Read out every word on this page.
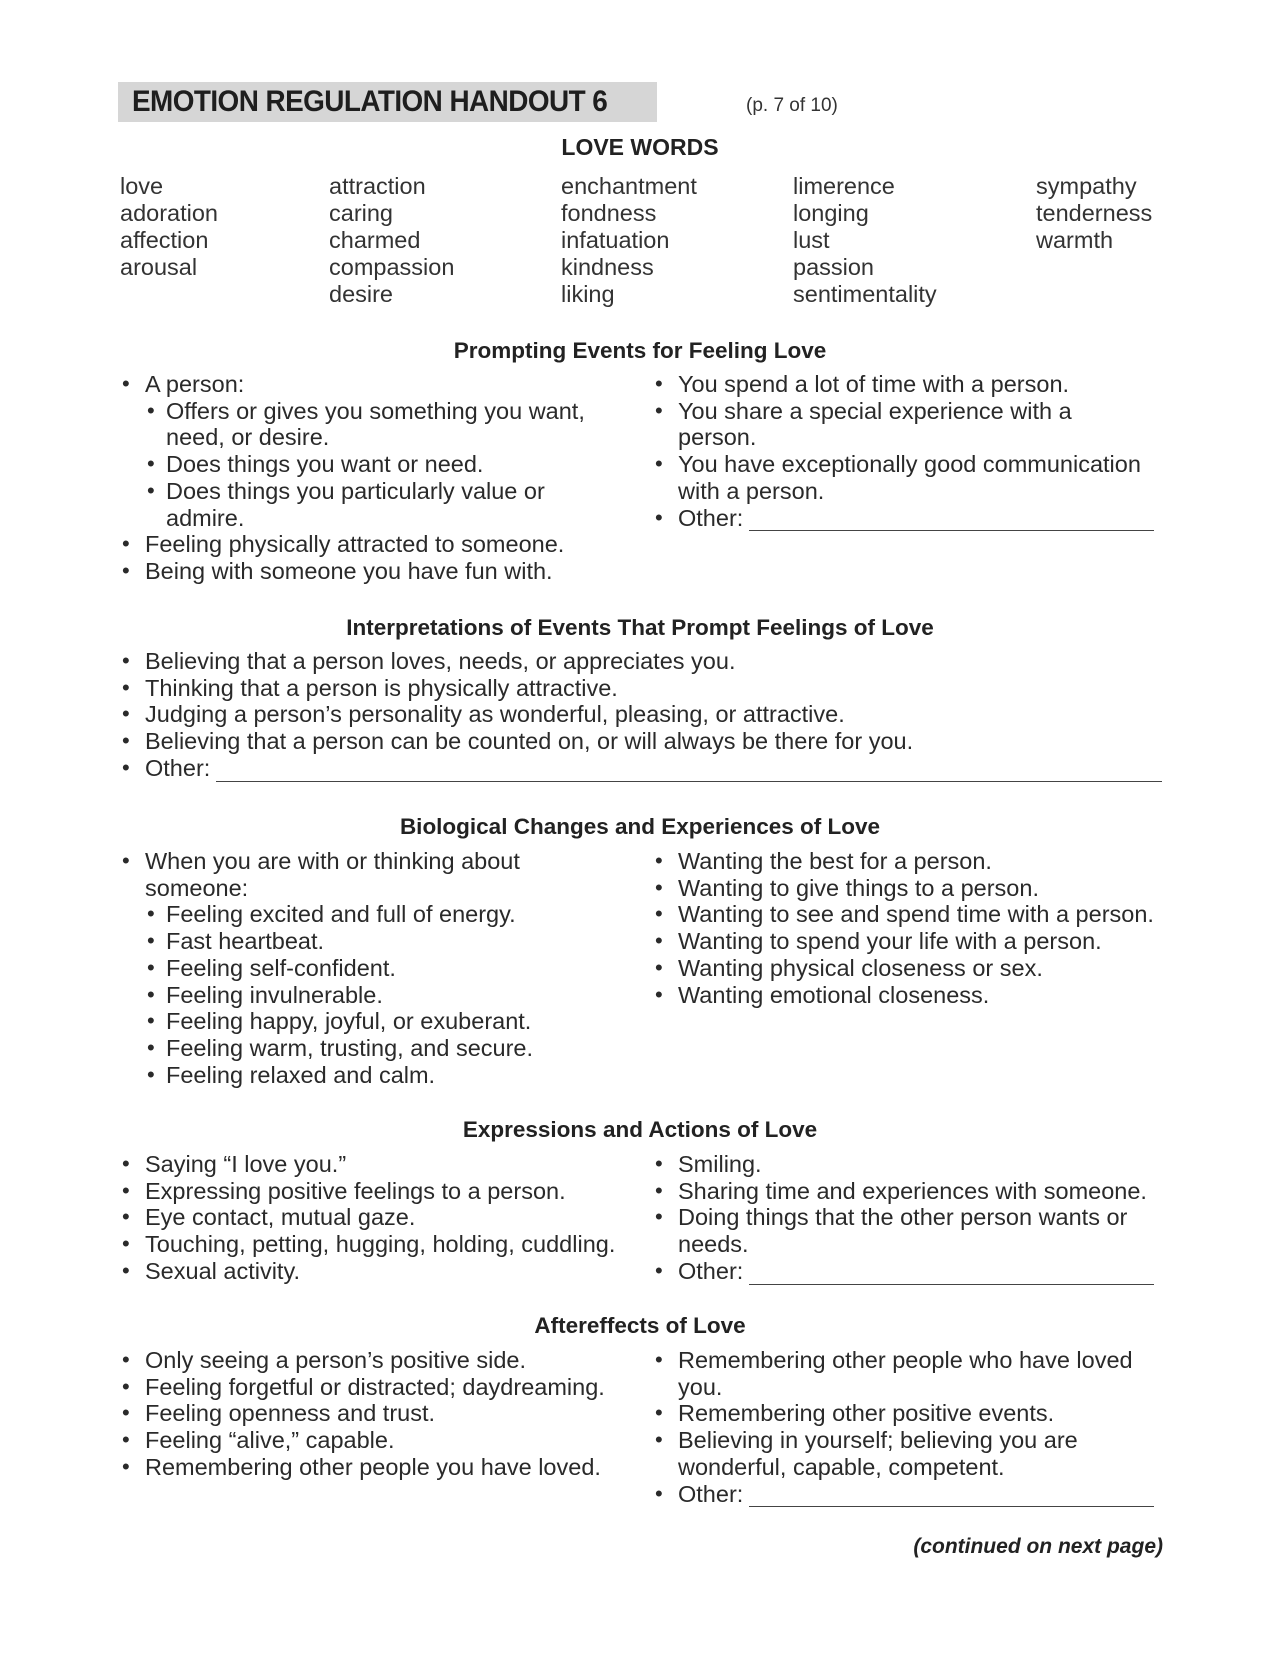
EMOTION REGULATION HANDOUT 6	(p. 7 of 10)
LOVE WORDS
love
adoration
affection
arousal
attraction
caring
charmed
compassion
desire
enchantment
fondness
infatuation
kindness
liking
limerence
longing
lust
passion
sentimentality
sympathy
tenderness
warmth
Prompting Events for Feeling Love
• A person:
• Offers or gives you something you want,
need, or desire.
• Does things you want or need.
• Does things you particularly value or
admire.
• Feeling physically attracted to someone.
• Being with someone you have fun with.
• You spend a lot of time with a person.
• You share a special experience with a
person.
• You have exceptionally good communication
with a person.
• Other:
Interpretations of Events That Prompt Feelings of Love
• Believing that a person loves, needs, or appreciates you.
• Thinking that a person is physically attractive.
• Judging a person’s personality as wonderful, pleasing, or attractive.
• Believing that a person can be counted on, or will always be there for you.
• Other:
Biological Changes and Experiences of Love
• When you are with or thinking about
someone:
• Feeling excited and full of energy.
• Fast heartbeat.
• Feeling self-confident.
• Feeling invulnerable.
• Feeling happy, joyful, or exuberant.
• Feeling warm, trusting, and secure.
• Feeling relaxed and calm.
• Wanting the best for a person.
• Wanting to give things to a person.
• Wanting to see and spend time with a person.
• Wanting to spend your life with a person.
• Wanting physical closeness or sex.
• Wanting emotional closeness.
Expressions and Actions of Love
• Saying “I love you.”
• Expressing positive feelings to a person.
• Eye contact, mutual gaze.
• Touching, petting, hugging, holding, cuddling.
• Sexual activity.
• Smiling.
• Sharing time and experiences with someone.
• Doing things that the other person wants or
needs.
• Other:
Aftereffects of Love
• Only seeing a person’s positive side.
• Feeling forgetful or distracted; daydreaming.
• Feeling openness and trust.
• Feeling “alive,” capable.
• Remembering other people you have loved.
• Remembering other people who have loved
you.
• Remembering other positive events.
• Believing in yourself; believing you are
wonderful, capable, competent.
• Other:
(continued on next page)
